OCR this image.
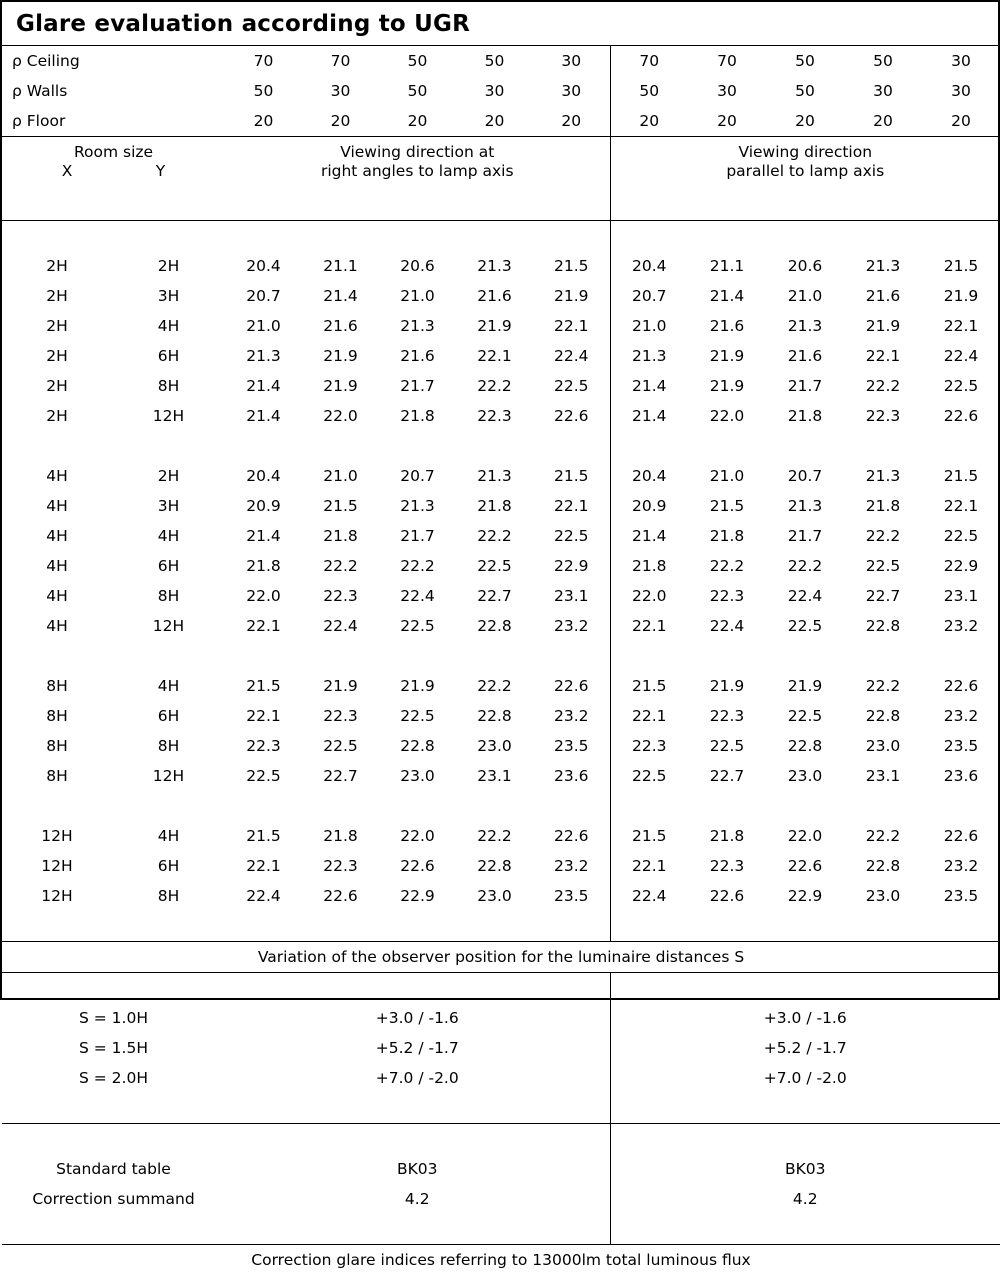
Glare evaluation according to UGR
ρ Ceiling		70	70	50	50	30	70	70	50	50	30
ρ Walls		50	30	50	30	30	50	30	50	30	30
ρ Floor		20	20	20	20	20	20	20	20	20	20

Room size
X	Y

Viewing direction at
right angles to lamp axis

Viewing direction
parallel to lamp axis

2H	2H	20.4	21.1	20.6	21.3	21.5	20.4	21.1	20.6	21.3	21.5
2H	3H	20.7	21.4	21.0	21.6	21.9	20.7	21.4	21.0	21.6	21.9
2H	4H	21.0	21.6	21.3	21.9	22.1	21.0	21.6	21.3	21.9	22.1
2H	6H	21.3	21.9	21.6	22.1	22.4	21.3	21.9	21.6	22.1	22.4
2H	8H	21.4	21.9	21.7	22.2	22.5	21.4	21.9	21.7	22.2	22.5
2H	12H	21.4	22.0	21.8	22.3	22.6	21.4	22.0	21.8	22.3	22.6

4H	2H	20.4	21.0	20.7	21.3	21.5	20.4	21.0	20.7	21.3	21.5
4H	3H	20.9	21.5	21.3	21.8	22.1	20.9	21.5	21.3	21.8	22.1
4H	4H	21.4	21.8	21.7	22.2	22.5	21.4	21.8	21.7	22.2	22.5
4H	6H	21.8	22.2	22.2	22.5	22.9	21.8	22.2	22.2	22.5	22.9
4H	8H	22.0	22.3	22.4	22.7	23.1	22.0	22.3	22.4	22.7	23.1
4H	12H	22.1	22.4	22.5	22.8	23.2	22.1	22.4	22.5	22.8	23.2

8H	4H	21.5	21.9	21.9	22.2	22.6	21.5	21.9	21.9	22.2	22.6
8H	6H	22.1	22.3	22.5	22.8	23.2	22.1	22.3	22.5	22.8	23.2
8H	8H	22.3	22.5	22.8	23.0	23.5	22.3	22.5	22.8	23.0	23.5
8H	12H	22.5	22.7	23.0	23.1	23.6	22.5	22.7	23.0	23.1	23.6

12H	4H	21.5	21.8	22.0	22.2	22.6	21.5	21.8	22.0	22.2	22.6
12H	6H	22.1	22.3	22.6	22.8	23.2	22.1	22.3	22.6	22.8	23.2
12H	8H	22.4	22.6	22.9	23.0	23.5	22.4	22.6	22.9	23.0	23.5

Variation of the observer position for the luminaire distances S											

S = 1.0H		+3.0 / -1.6					+3.0 / -1.6				
S = 1.5H		+5.2 / -1.7					+5.2 / -1.7				
S = 2.0H		+7.0 / -2.0					+7.0 / -2.0				

Standard table		BK03					BK03				
Correction summand		4.2					4.2				

Correction glare indices referring to 13000lm total luminous flux											
